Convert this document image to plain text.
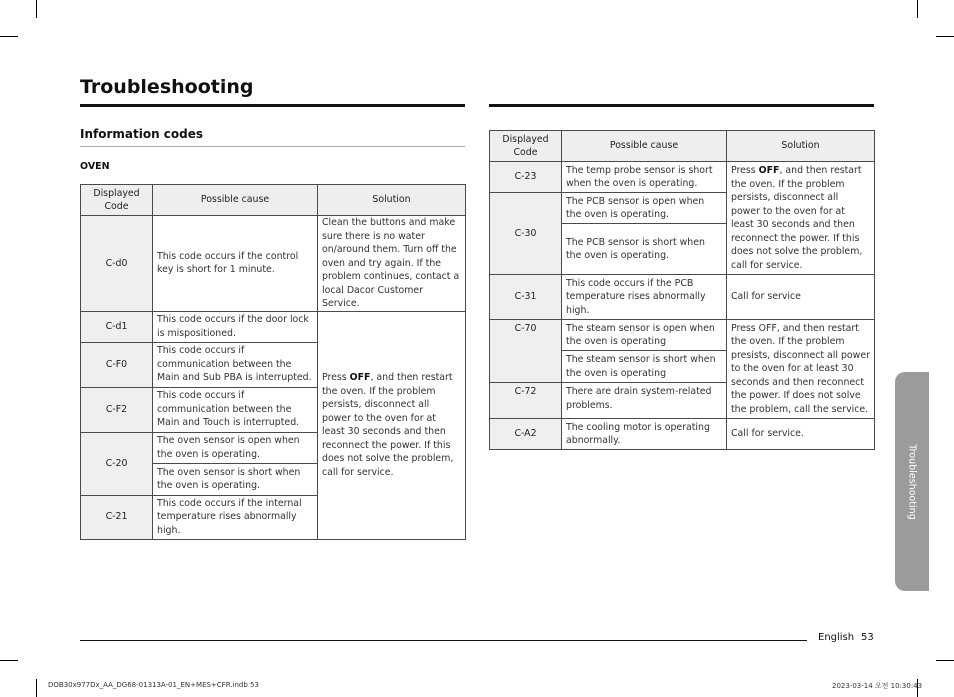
Troubleshooting
Information codes
OVEN
Displayed Code	Possible cause	Solution
C-d0	This code occurs if the control key is short for 1 minute.	Clean the buttons and make sure there is no water on/around them. Turn off the oven and try again. If the problem continues, contact a local Dacor Customer Service.
C-d1	This code occurs if the door lock is mispositioned.	Press OFF, and then restart the oven. If the problem persists, disconnect all power to the oven for at least 30 seconds and then reconnect the power. If this does not solve the problem, call for service.
C-F0	This code occurs if communication between the Main and Sub PBA is interrupted.	
C-F2	This code occurs if communication between the Main and Touch is interrupted.	
C-20	The oven sensor is open when the oven is operating.	
	The oven sensor is short when the oven is operating.	
C-21	This code occurs if the internal temperature rises abnormally high.	
Displayed Code	Possible cause	Solution
C-23	The temp probe sensor is short when the oven is operating.	Press OFF, and then restart the oven. If the problem persists, disconnect all power to the oven for at least 30 seconds and then reconnect the power. If this does not solve the problem, call for service.
C-30	The PCB sensor is open when the oven is operating.	
	The PCB sensor is short when the oven is operating.	
C-31	This code occurs if the PCB temperature rises abnormally high.	Call for service
C-70	The steam sensor is open when the oven is operating	Press OFF, and then restart the oven. If the problem presists, disconnect all power to the oven for at least 30 seconds and then reconnect the power. If does not solve the problem, call the service.
	The steam sensor is short when the oven is operating	
C-72	There are drain system-related problems.	
C-A2	The cooling motor is operating abnormally.	Call for service.
Troubleshooting
English 53
DOB30x977Dx_AA_DG68-01313A-01_EN+MES+CFR.indb 53	2023-03-14 오전 10:30:43
